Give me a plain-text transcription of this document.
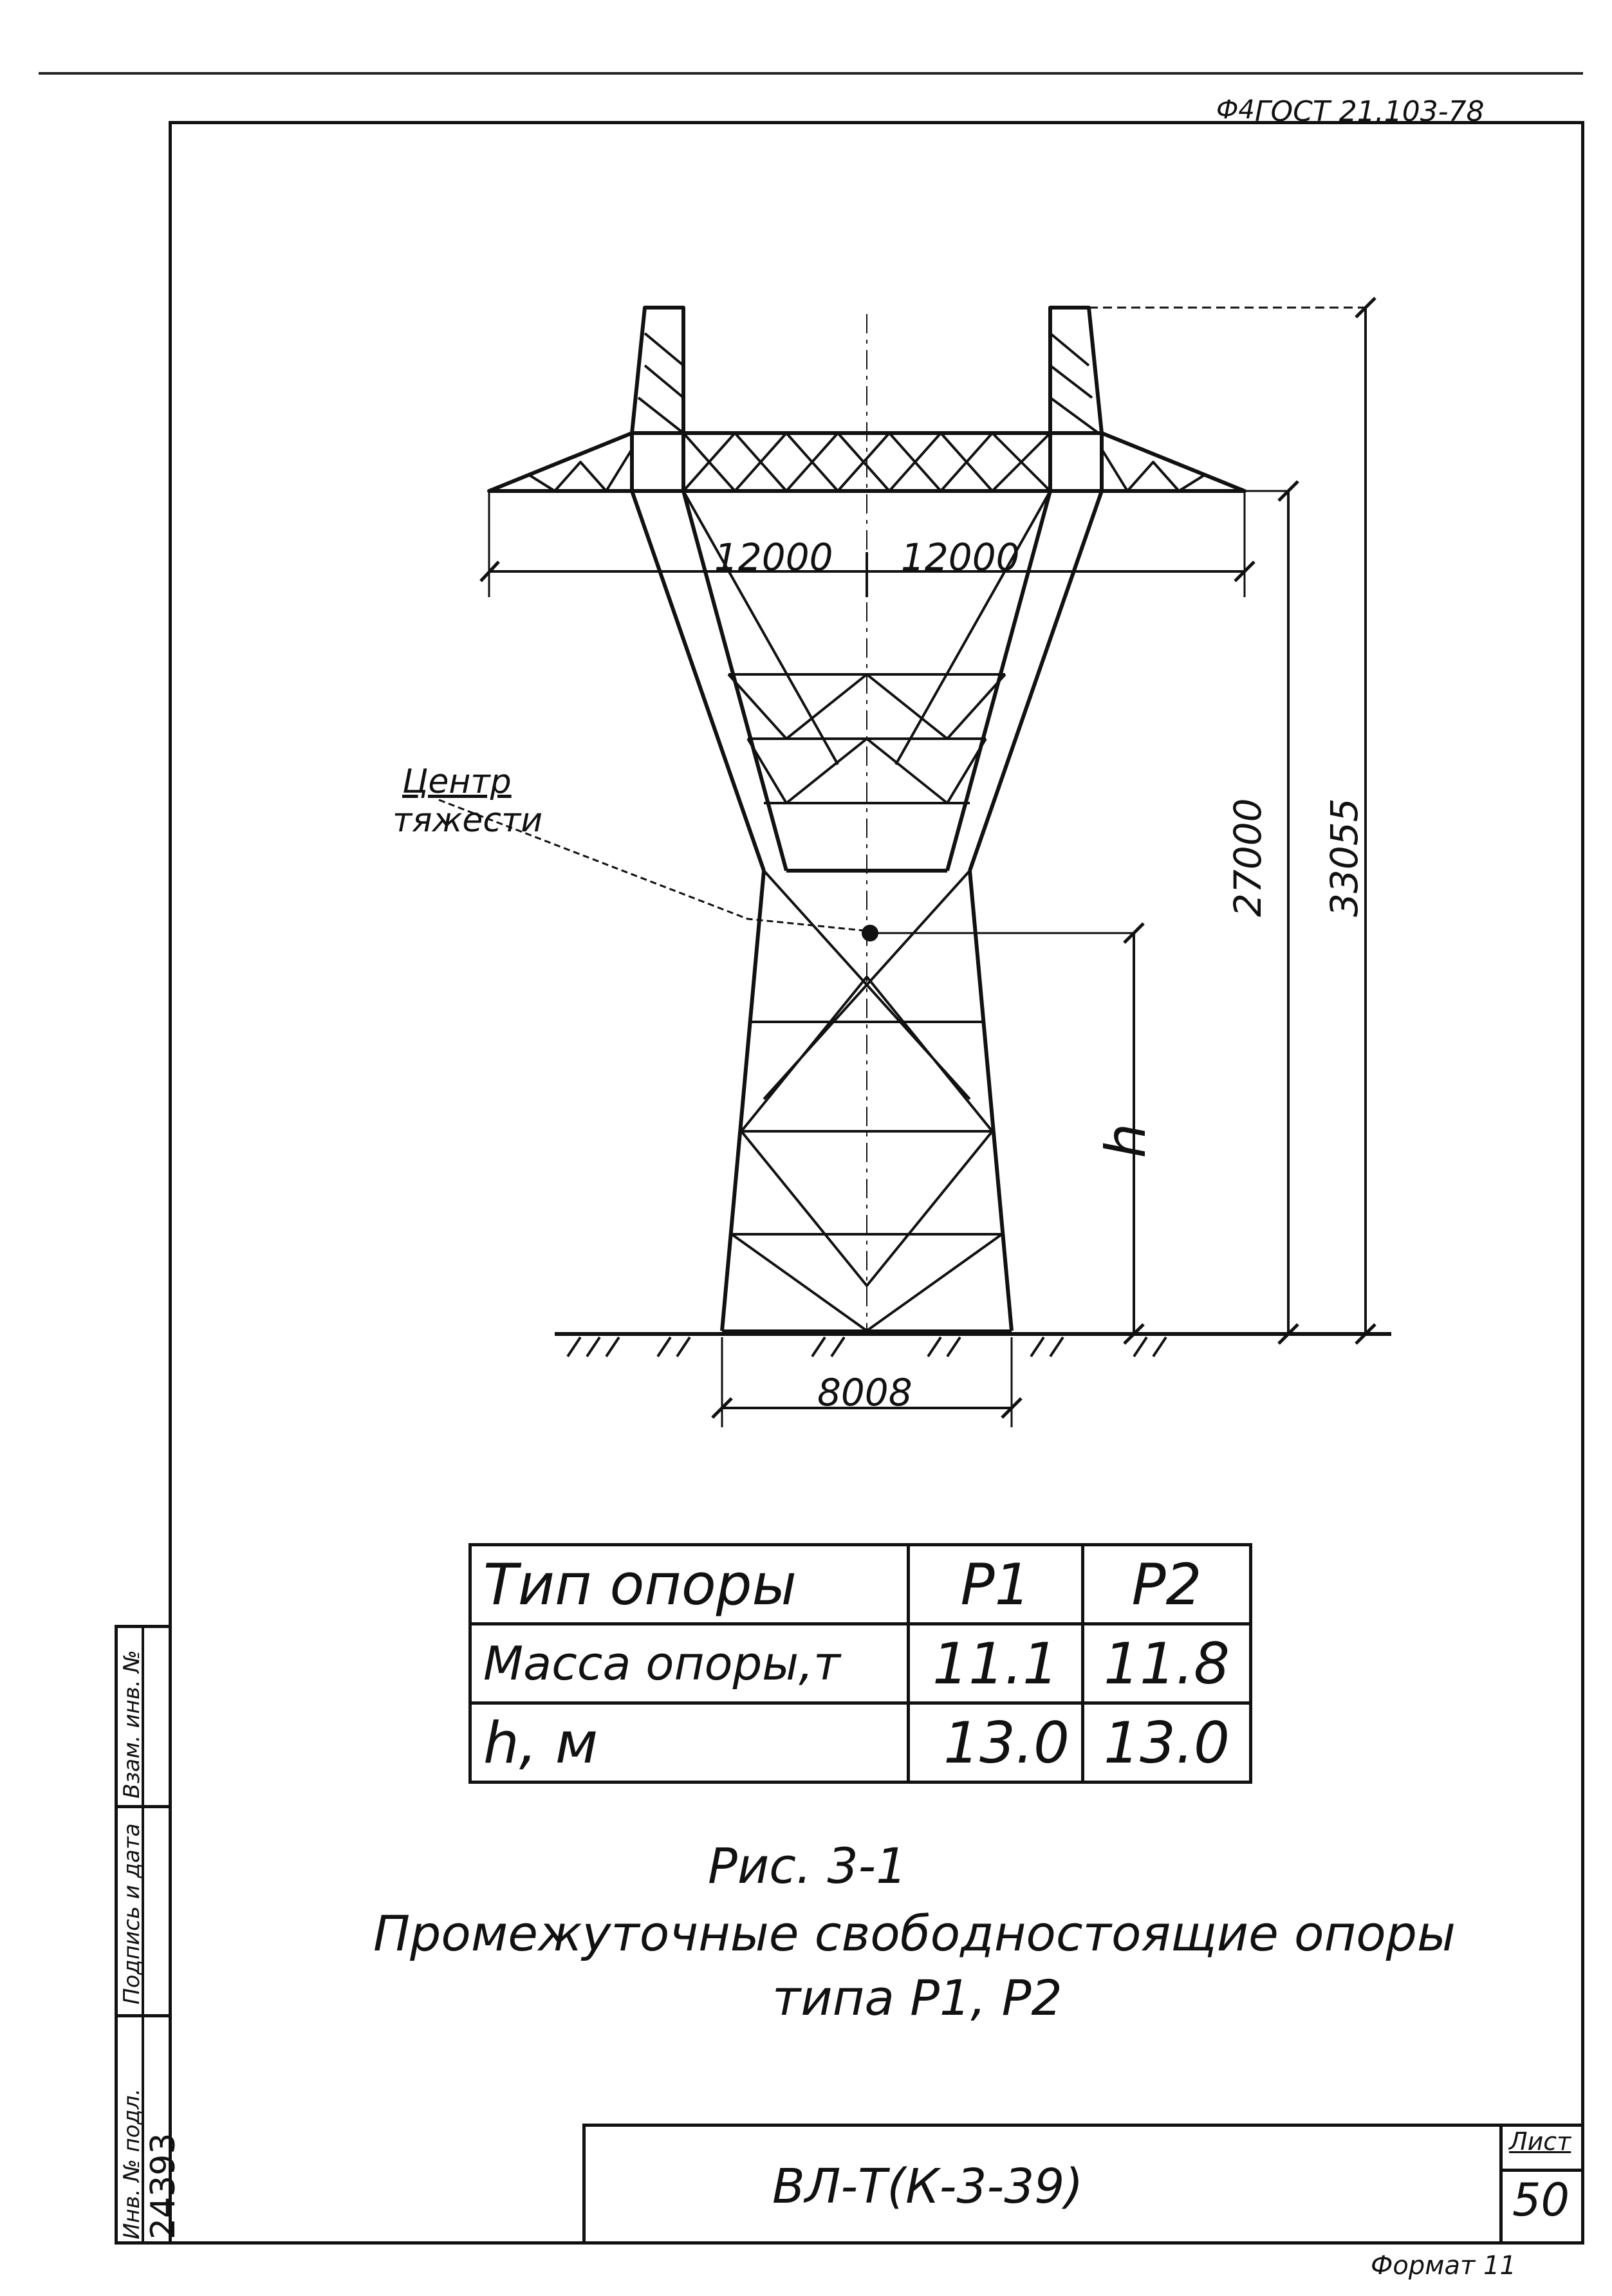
Ф4 ГОСТ 21.103-78
12000 12000
8008
27000 33055
h
Центр
тяжести
Тип опоры	Р1	Р2
Масса опоры,т	11.1	11.8
h, м	13.0	13.0
Рис. 3-1
Промежуточные свободностоящие опоры
типа Р1, Р2
ВЛ-Т(К-3-39)
Лист
50
Формат 11
Взам. инв. №
Подпись и дата
Инв. № подл. 24393
